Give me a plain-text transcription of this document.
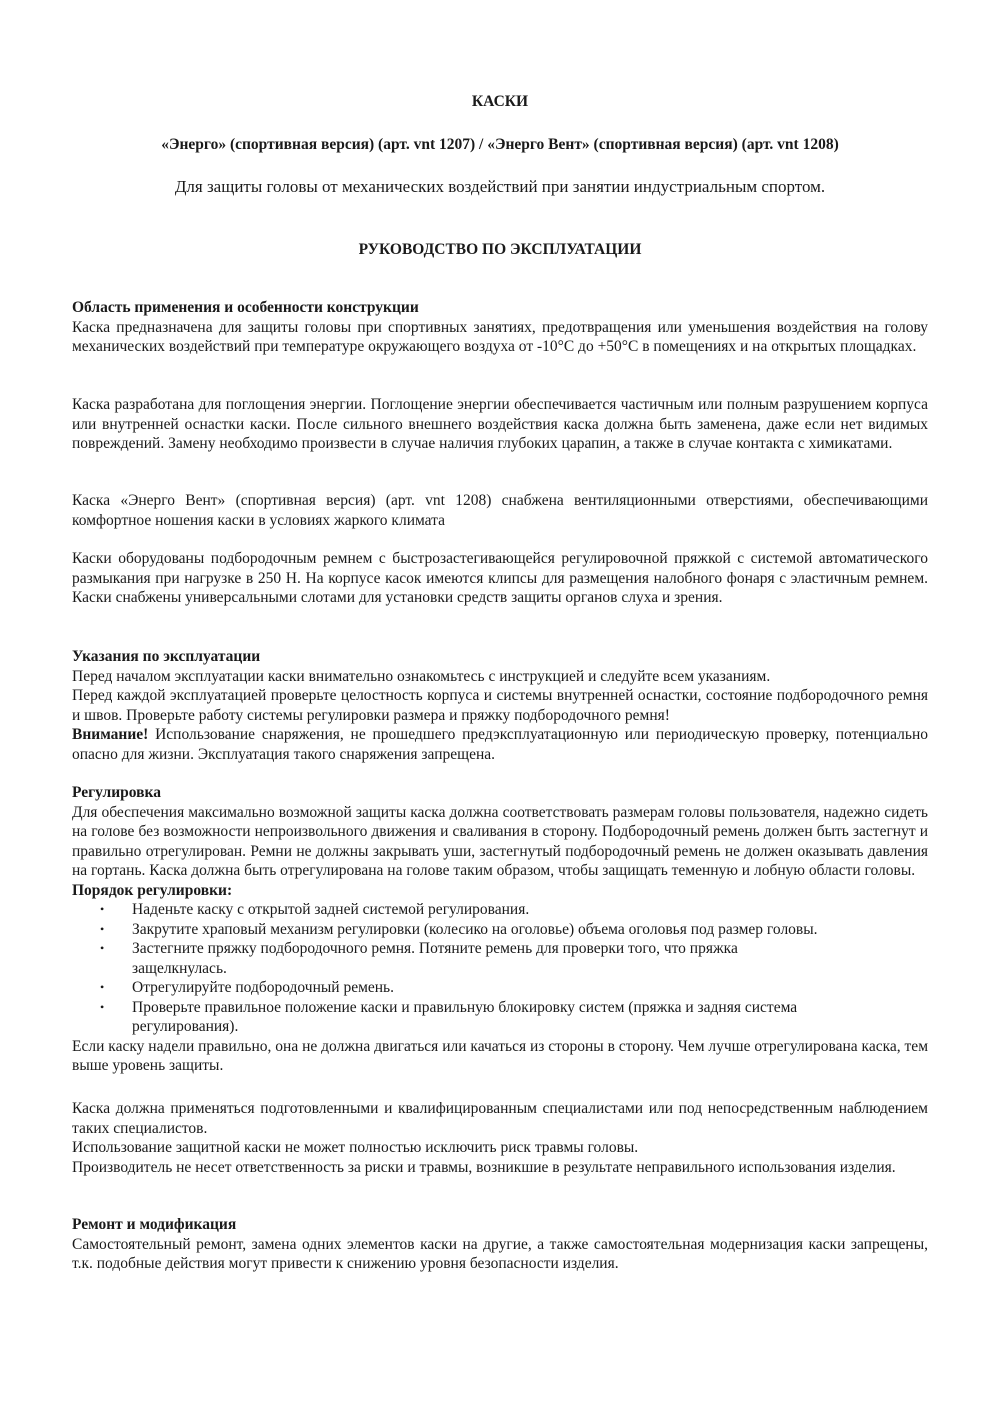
КАСКИ
«Энерго» (спортивная версия) (арт. vnt 1207) / «Энерго Вент» (спортивная версия) (арт. vnt 1208)
Для защиты головы от механических воздействий при занятии индустриальным спортом.
РУКОВОДСТВО ПО ЭКСПЛУАТАЦИИ

Область применения и особенности конструкции

Каска предназначена для защиты головы при спортивных занятиях, предотвращения или уменьшения воздействия на голову механических воздействий при температуре окружающего воздуха от -10°С до +50°С в помещениях и на открытых площадках.

Каска разработана для поглощения энергии. Поглощение энергии обеспечивается частичным или полным разрушением корпуса или внутренней оснастки каски. После сильного внешнего воздействия каска должна быть заменена, даже если нет видимых повреждений. Замену необходимо произвести в случае наличия глубоких царапин, а также в случае контакта с химикатами.
Каска «Энерго Вент» (спортивная версия) (арт. vnt 1208) снабжена вентиляционными отверстиями, обеспечивающими комфортное ношения каски в условиях жаркого климата
Каски оборудованы подбородочным ремнем с быстрозастегивающейся регулировочной пряжкой с системой автоматического размыкания при нагрузке в 250 Н. На корпусе касок имеются клипсы для размещения налобного фонаря с эластичным ремнем. Каски снабжены универсальными слотами для установки средств защиты органов слуха и зрения.

Указания по эксплуатации

Перед началом эксплуатации каски внимательно ознакомьтесь с инструкцией и следуйте всем указаниям.

Перед каждой эксплуатацией проверьте целостность корпуса и системы внутренней оснастки, состояние подбородочного ремня и швов. Проверьте работу системы регулировки размера и пряжку подбородочного ремня!

Внимание! Использование снаряжения, не прошедшего предэксплуатационную или периодическую проверку, потенциально опасно для жизни. Эксплуатация такого снаряжения запрещена.

Регулировка

Для обеспечения максимально возможной защиты каска должна соответствовать размерам головы пользователя, надежно сидеть на голове без возможности непроизвольного движения и сваливания в сторону. Подбородочный ремень должен быть застегнут и правильно отрегулирован. Ремни не должны закрывать уши, застегнутый подбородочный ремень не должен оказывать давления на гортань. Каска должна быть отрегулирована на голове таким образом, чтобы защищать теменную и лобную области головы.

Порядок регулировки:

• Наденьте каску с открытой задней системой регулирования.
• Закрутите храповый механизм регулировки (колесико на оголовье) объема оголовья под размер головы.
• Застегните пряжку подбородочного ремня. Потяните ремень для проверки того, что пряжка защелкнулась.
• Отрегулируйте подбородочный ремень.
• Проверьте правильное положение каски и правильную блокировку систем (пряжка и задняя система регулирования).

Если каску надели правильно, она не должна двигаться или качаться из стороны в сторону. Чем лучше отрегулирована каска, тем выше уровень защиты.

Каска должна применяться подготовленными и квалифицированным специалистами или под непосредственным наблюдением таких специалистов.

Использование защитной каски не может полностью исключить риск травмы головы.

Производитель не несет ответственность за риски и травмы, возникшие в результате неправильного использования изделия.

Ремонт и модификация

Самостоятельный ремонт, замена одних элементов каски на другие, а также самостоятельная модернизация каски запрещены, т.к. подобные действия могут привести к снижению уровня безопасности изделия.
